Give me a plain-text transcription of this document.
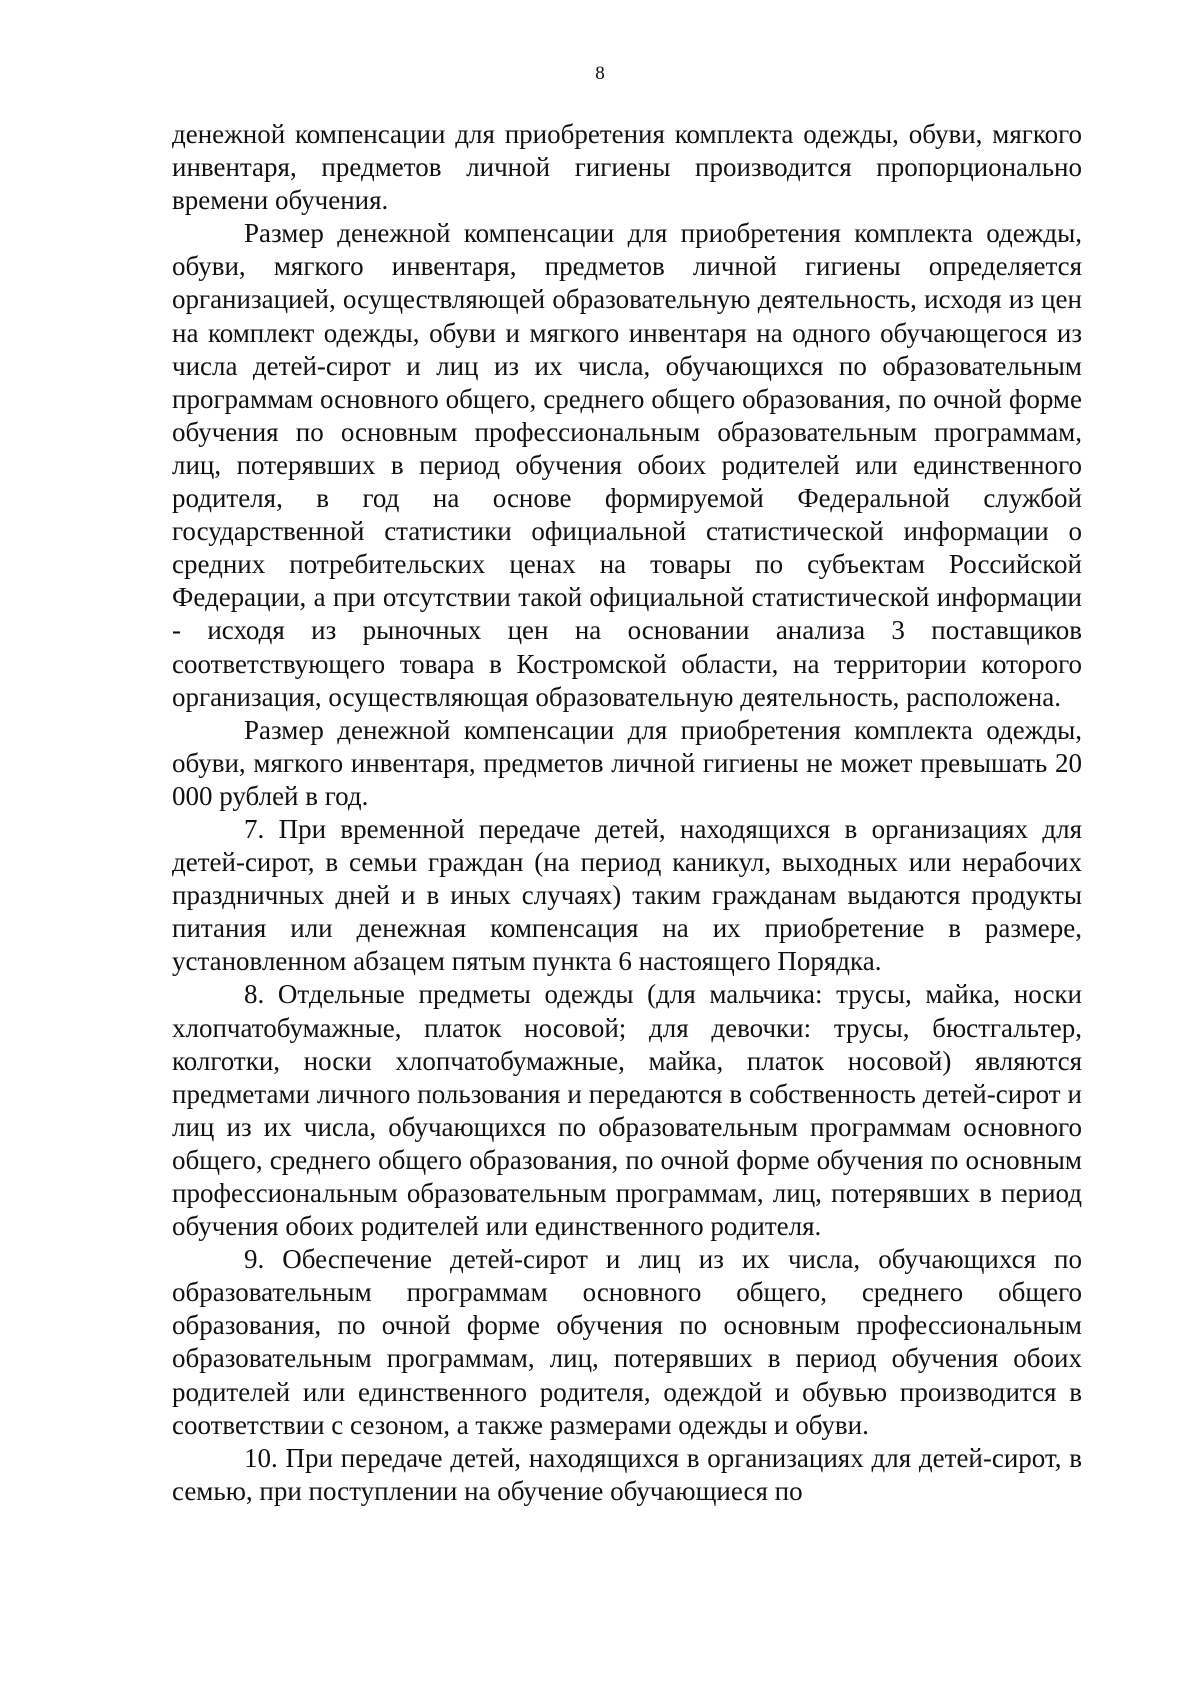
8

денежной компенсации для приобретения комплекта одежды, обуви, мягкого инвентаря, предметов личной гигиены производится пропорционально времени обучения.

Размер денежной компенсации для приобретения комплекта одежды, обуви, мягкого инвентаря, предметов личной гигиены определяется организацией, осуществляющей образовательную деятельность, исходя из цен на комплект одежды, обуви и мягкого инвентаря на одного обучающегося из числа детей-сирот и лиц из их числа, обучающихся по образовательным программам основного общего, среднего общего образования, по очной форме обучения по основным профессиональным образовательным программам, лиц, потерявших в период обучения обоих родителей или единственного родителя, в год на основе формируемой Федеральной службой государственной статистики официальной статистической информации о средних потребительских ценах на товары по субъектам Российской Федерации, а при отсутствии такой официальной статистической информации - исходя из рыночных цен на основании анализа 3 поставщиков соответствующего товара в Костромской области, на территории которого организация, осуществляющая образовательную деятельность, расположена.

Размер денежной компенсации для приобретения комплекта одежды, обуви, мягкого инвентаря, предметов личной гигиены не может превышать 20 000 рублей в год.

7. При временной передаче детей, находящихся в организациях для детей-сирот, в семьи граждан (на период каникул, выходных или нерабочих праздничных дней и в иных случаях) таким гражданам выдаются продукты питания или денежная компенсация на их приобретение в размере, установленном абзацем пятым пункта 6 настоящего Порядка.

8. Отдельные предметы одежды (для мальчика: трусы, майка, носки хлопчатобумажные, платок носовой; для девочки: трусы, бюстгальтер, колготки, носки хлопчатобумажные, майка, платок носовой) являются предметами личного пользования и передаются в собственность детей-сирот и лиц из их числа, обучающихся по образовательным программам основного общего, среднего общего образования, по очной форме обучения по основным профессиональным образовательным программам, лиц, потерявших в период обучения обоих родителей или единственного родителя.

9. Обеспечение детей-сирот и лиц из их числа, обучающихся по образовательным программам основного общего, среднего общего образования, по очной форме обучения по основным профессиональным образовательным программам, лиц, потерявших в период обучения обоих родителей или единственного родителя, одеждой и обувью производится в соответствии с сезоном, а также размерами одежды и обуви.

10. При передаче детей, находящихся в организациях для детей-сирот, в семью, при поступлении на обучение обучающиеся по
